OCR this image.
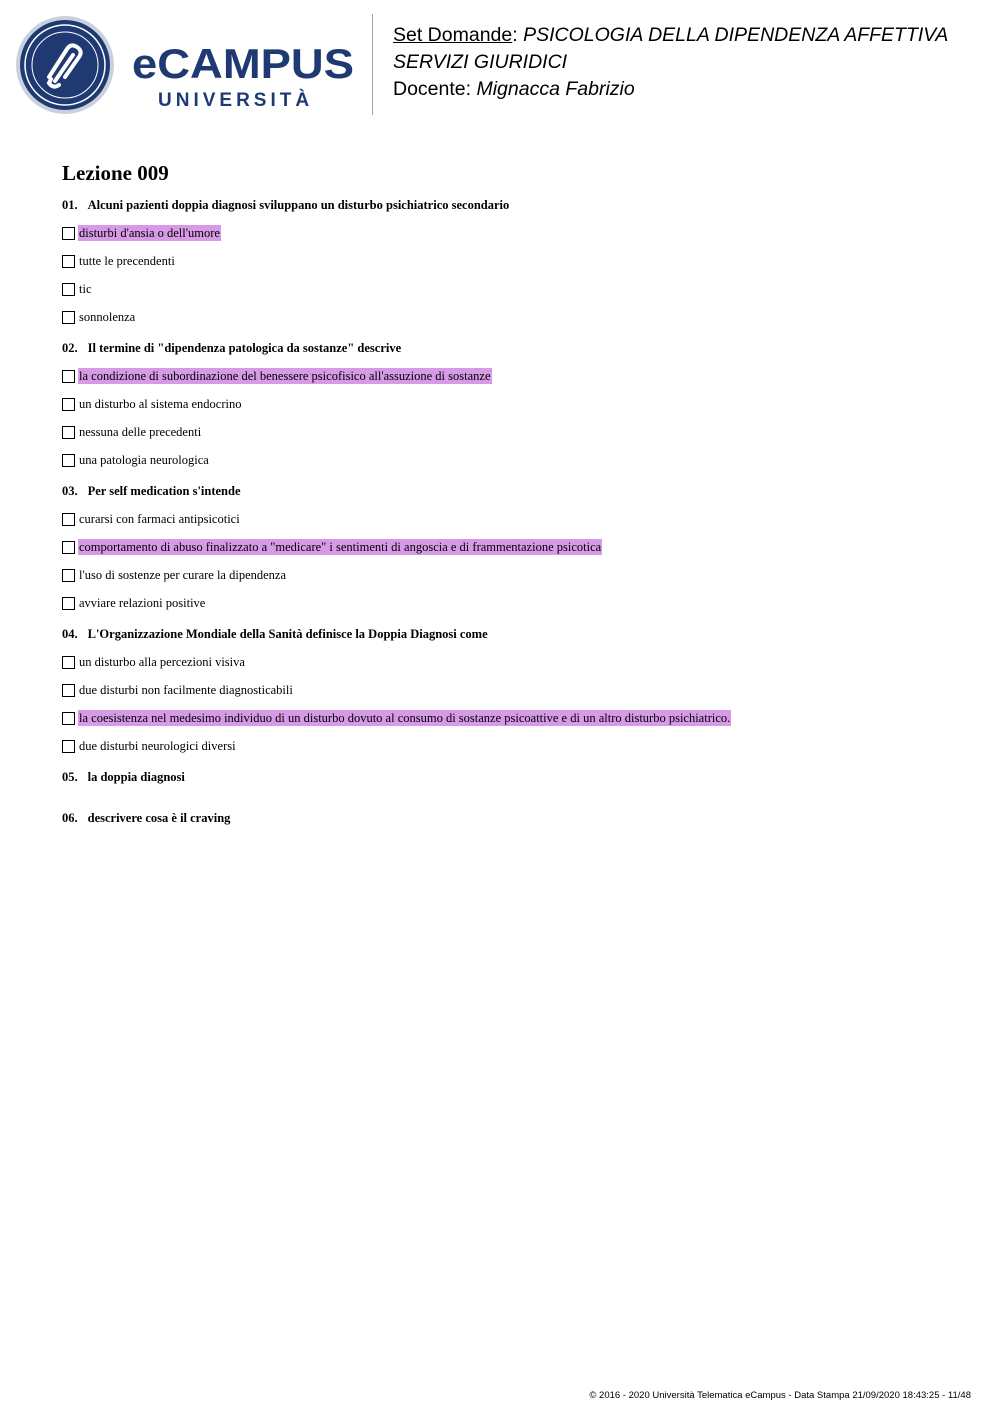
eCAMPUS
UNIVERSITÀ
Set Domande: PSICOLOGIA DELLA DIPENDENZA AFFETTIVA
SERVIZI GIURIDICI
Docente: Mignacca Fabrizio
Lezione 009
01. Alcuni pazienti doppia diagnosi sviluppano un disturbo psichiatrico secondario
disturbi d'ansia o dell'umore
tutte le precendenti
tic
sonnolenza
02. Il termine di "dipendenza patologica da sostanze" descrive
la condizione di subordinazione del benessere psicofisico all'assuzione di sostanze
un disturbo al sistema endocrino
nessuna delle precedenti
una patologia neurologica
03. Per self medication s'intende
curarsi con farmaci antipsicotici
comportamento di abuso finalizzato a "medicare" i sentimenti di angoscia e di frammentazione psicotica
l'uso di sostenze per curare la dipendenza
avviare relazioni positive
04. L'Organizzazione Mondiale della Sanità definisce la Doppia Diagnosi come
un disturbo alla percezioni visiva
due disturbi non facilmente diagnosticabili
la coesistenza nel medesimo individuo di un disturbo dovuto al consumo di sostanze psicoattive e di un altro disturbo psichiatrico.
due disturbi neurologici diversi
05. la doppia diagnosi
06. descrivere cosa è il craving
© 2016 - 2020 Università Telematica eCampus - Data Stampa 21/09/2020 18:43:25 - 11/48
